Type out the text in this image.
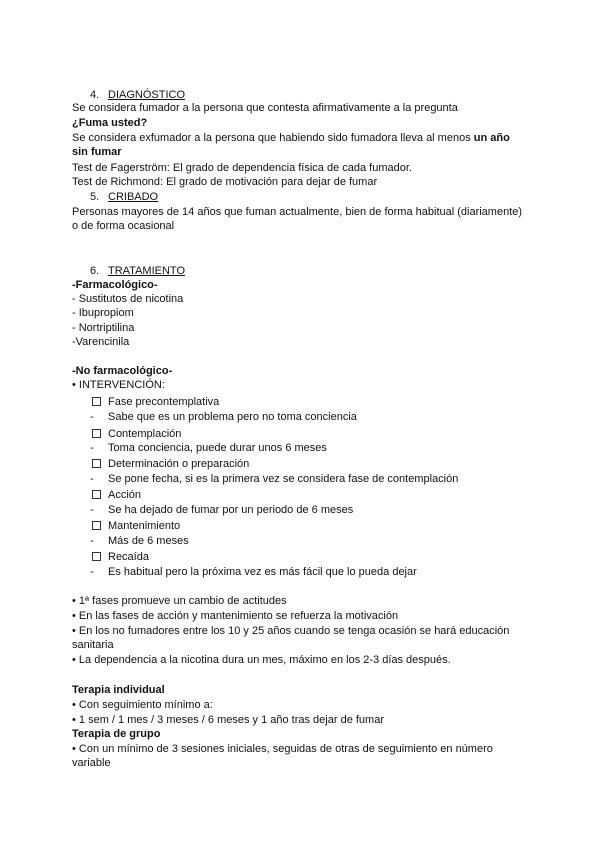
4. DIAGNÓSTICO
Se considera fumador a la persona que contesta afirmativamente a la pregunta
¿Fuma usted?
Se considera exfumador a la persona que habiendo sido fumadora lleva al menos un año
sin fumar
Test de Fagerström: El grado de dependencia física de cada fumador.
Test de Richmond: El grado de motivación para dejar de fumar
5. CRIBADO
Personas mayores de 14 años que fuman actualmente, bien de forma habitual (diariamente)
o de forma ocasional
6. TRATAMIENTO
-Farmacológico-
- Sustitutos de nicotina
- Ibupropiom
- Nortriptilina
-Varencinila
-No farmacológico-
• INTERVENCIÓN:
Fase precontemplativa
- Sabe que es un problema pero no toma conciencia
Contemplación
- Toma conciencia, puede durar unos 6 meses
Determinación o preparación
- Se pone fecha, si es la primera vez se considera fase de contemplación
Acción
- Se ha dejado de fumar por un periodo de 6 meses
Mantenimiento
- Más de 6 meses
Recaída
- Es habitual pero la próxima vez es más fácil que lo pueda dejar
• 1ª fases promueve un cambio de actitudes
• En las fases de acción y mantenimiento se refuerza la motivación
• En los no fumadores entre los 10 y 25 años cuando se tenga ocasión se hará educación
sanitaria
• La dependencia a la nicotina dura un mes, máximo en los 2-3 días después.
Terapia individual
• Con seguimiento mínimo a:
• 1 sem / 1 mes / 3 meses / 6 meses y 1 año tras dejar de fumar
Terapia de grupo
• Con un mínimo de 3 sesiones iniciales, seguidas de otras de seguimiento en número
variable
